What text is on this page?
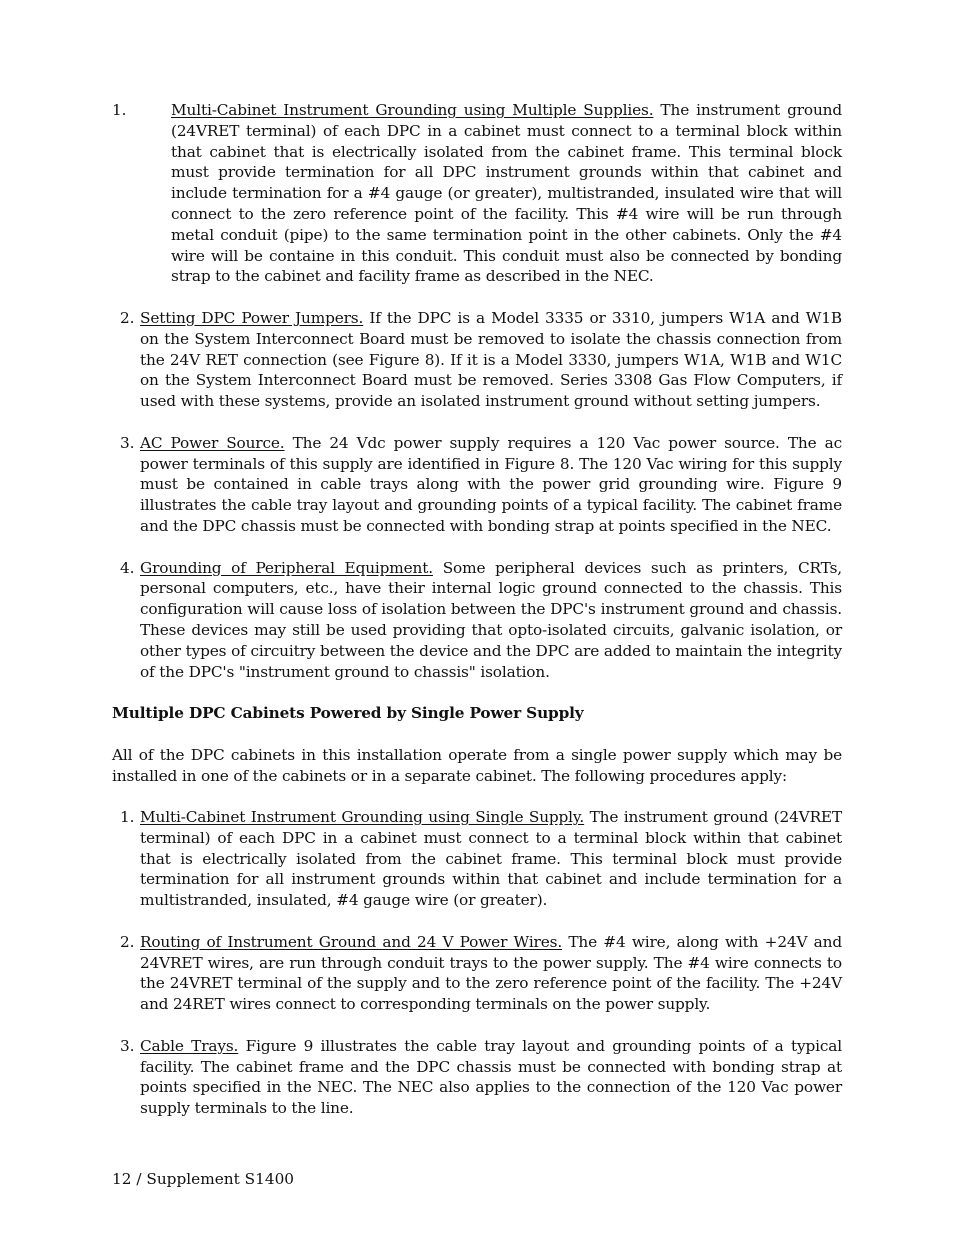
1.	Multi-Cabinet Instrument Grounding using Multiple Supplies. The instrument ground (24VRET terminal) of each DPC in a cabinet must connect to a terminal block within that cabinet that is electrically isolated from the cabinet frame. This terminal block must provide termination for all DPC instrument grounds within that cabinet and include termination for a #4 gauge (or greater), multistranded, insulated wire that will connect to the zero reference point of the facility. This #4 wire will be run through metal conduit (pipe) to the same termination point in the other cabinets. Only the #4 wire will be containe in this conduit. This conduit must also be connected by bonding strap to the cabinet and facility frame as described in the NEC.
2. Setting DPC Power Jumpers. If the DPC is a Model 3335 or 3310, jumpers W1A and W1B on the System Interconnect Board must be removed to isolate the chassis connection from the 24V RET connection (see Figure 8). If it is a Model 3330, jumpers W1A, W1B and W1C on the System Interconnect Board must be removed. Series 3308 Gas Flow Computers, if used with these systems, provide an isolated instrument ground without setting jumpers.
3. AC Power Source. The 24 Vdc power supply requires a 120 Vac power source. The ac power terminals of this supply are identified in Figure 8. The 120 Vac wiring for this supply must be contained in cable trays along with the power grid grounding wire. Figure 9 illustrates the cable tray layout and grounding points of a typical facility. The cabinet frame and the DPC chassis must be connected with bonding strap at points specified in the NEC.
4. Grounding of Peripheral Equipment. Some peripheral devices such as printers, CRTs, personal computers, etc., have their internal logic ground connected to the chassis. This configuration will cause loss of isolation between the DPC's instrument ground and chassis. These devices may still be used providing that opto-isolated circuits, galvanic isolation, or other types of circuitry between the device and the DPC are added to maintain the integrity of the DPC's "instrument ground to chassis" isolation.

Multiple DPC Cabinets Powered by Single Power Supply

All of the DPC cabinets in this installation operate from a single power supply which may be installed in one of the cabinets or in a separate cabinet. The following procedures apply:

1. Multi-Cabinet Instrument Grounding using Single Supply. The instrument ground (24VRET terminal) of each DPC in a cabinet must connect to a terminal block within that cabinet that is electrically isolated from the cabinet frame. This terminal block must provide termination for all instrument grounds within that cabinet and include termination for a multistranded, insulated, #4 gauge wire (or greater).
2. Routing of Instrument Ground and 24 V Power Wires. The #4 wire, along with +24V and 24VRET wires, are run through conduit trays to the power supply. The #4 wire connects to the 24VRET terminal of the supply and to the zero reference point of the facility. The +24V and 24RET wires connect to corresponding terminals on the power supply.
3. Cable Trays. Figure 9 illustrates the cable tray layout and grounding points of a typical facility. The cabinet frame and the DPC chassis must be connected with bonding strap at points specified in the NEC. The NEC also applies to the connection of the 120 Vac power supply terminals to the line.
12 / Supplement S1400
